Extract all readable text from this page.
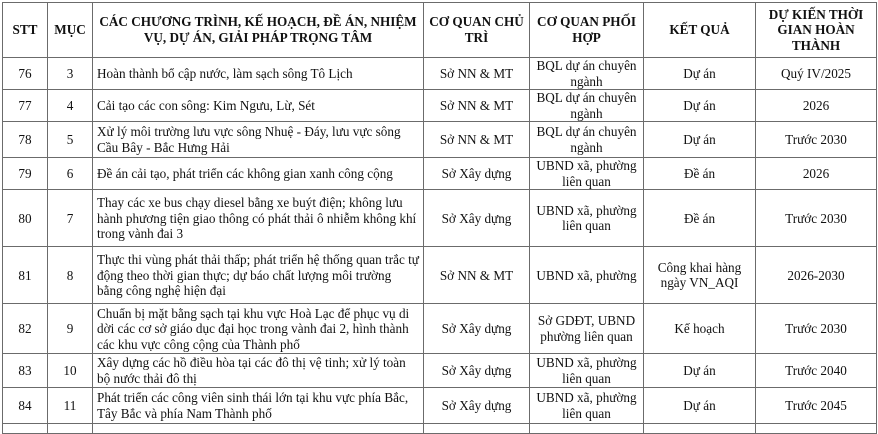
STT	MỤC	CÁC CHƯƠNG TRÌNH, KẾ HOẠCH, ĐỀ ÁN, NHIỆM VỤ, DỰ ÁN, GIẢI PHÁP TRỌNG TÂM	CƠ QUAN CHỦ TRÌ	CƠ QUAN PHỐI HỢP	KẾT QUẢ	DỰ KIẾN THỜI GIAN HOÀN THÀNH
76	3	Hoàn thành bổ cập nước, làm sạch sông Tô Lịch	Sở NN & MT	BQL dự án chuyên ngành	Dự án	Quý IV/2025
77	4	Cải tạo các con sông: Kim Ngưu, Lừ, Sét	Sở NN & MT	BQL dự án chuyên ngành	Dự án	2026
78	5	Xử lý môi trường lưu vực sông Nhuệ - Đáy, lưu vực sông Cầu Bây - Bắc Hưng Hải	Sở NN & MT	BQL dự án chuyên ngành	Dự án	Trước 2030
79	6	Đề án cải tạo, phát triển các không gian xanh công cộng	Sở Xây dựng	UBND xã, phường liên quan	Đề án	2026
80	7	Thay các xe bus chạy diesel bằng xe buýt điện; không lưu hành phương tiện giao thông có phát thải ô nhiễm không khí trong vành đai 3	Sở Xây dựng	UBND xã, phường liên quan	Đề án	Trước 2030
81	8	Thực thi vùng phát thải thấp; phát triển hệ thống quan trắc tự động theo thời gian thực; dự báo chất lượng môi trường bằng công nghệ hiện đại	Sở NN & MT	UBND xã, phường	Công khai hàng ngày VN_AQI	2026-2030
82	9	Chuẩn bị mặt bằng sạch tại khu vực Hoà Lạc để phục vụ di dời các cơ sở giáo dục đại học trong vành đai 2, hình thành các khu vực công cộng của Thành phố	Sở Xây dựng	Sở GDĐT, UBND phường liên quan	Kế hoạch	Trước 2030
83	10	Xây dựng các hồ điều hòa tại các đô thị vệ tinh; xử lý toàn bộ nước thải đô thị	Sở Xây dựng	UBND xã, phường liên quan	Dự án	Trước 2040
84	11	Phát triển các công viên sinh thái lớn tại khu vực phía Bắc, Tây Bắc và phía Nam Thành phố	Sở Xây dựng	UBND xã, phường liên quan	Dự án	Trước 2045
